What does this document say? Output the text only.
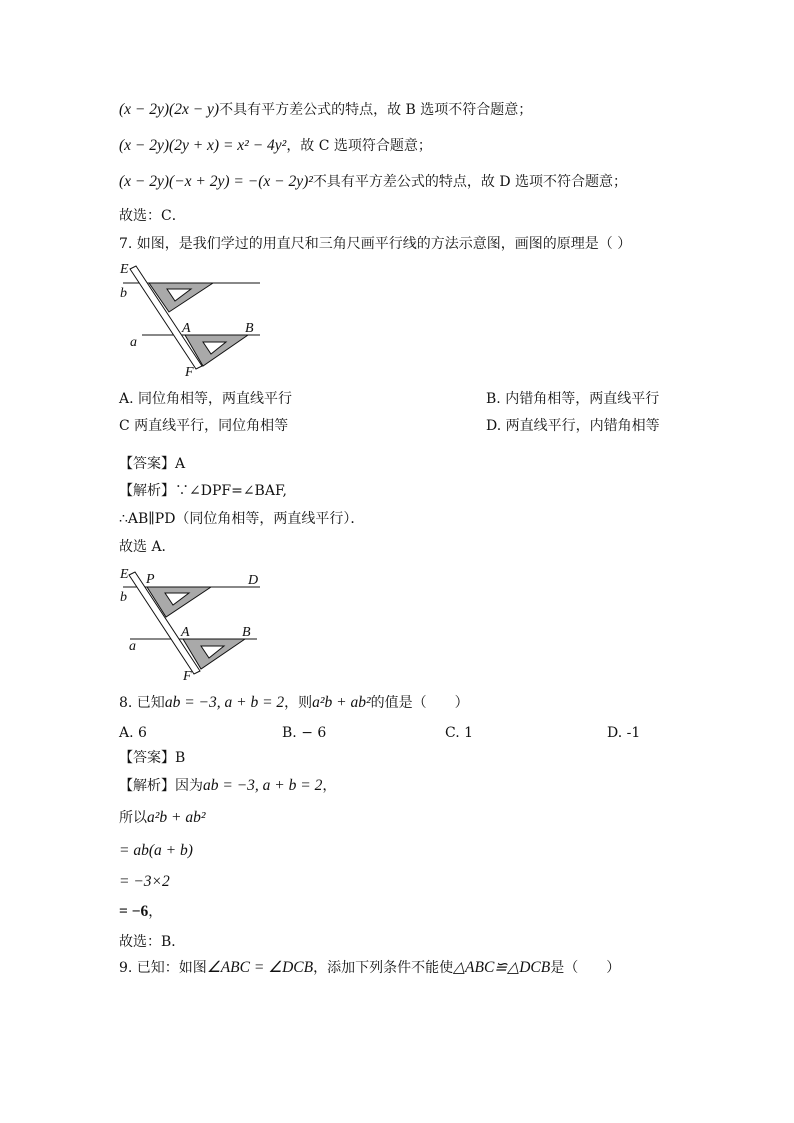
(x − 2y)(2x − y)不具有平方差公式的特点，故 B 选项不符合题意；
(x − 2y)(2y + x) = x² − 4y²，故 C 选项符合题意；
(x − 2y)(−x + 2y) = −(x − 2y)²不具有平方差公式的特点，故 D 选项不符合题意；
故选：C．
7. 如图，是我们学过的用直尺和三角尺画平行线的方法示意图，画图的原理是（ ）
E
b
A	B
a
F
A. 同位角相等，两直线平行	B. 内错角相等，两直线平行
C 两直线平行，同位角相等	D. 两直线平行，内错角相等
【答案】A
【解析】∵∠DPF=∠BAF,
∴AB∥PD（同位角相等，两直线平行）．
故选 A．
E P	D
b
A	B
a
F
8. 已知ab = −3, a + b = 2，则a²b + ab²的值是（　　）
A. 6	B. − 6	C. 1	D. -1
【答案】B
【解析】因为ab = −3, a + b = 2，
所以a²b + ab²
= ab(a + b)
= −3×2
= −6，
故选：B．
9. 已知：如图∠ABC = ∠DCB，添加下列条件不能使△ABC≌△DCB是（　　）
